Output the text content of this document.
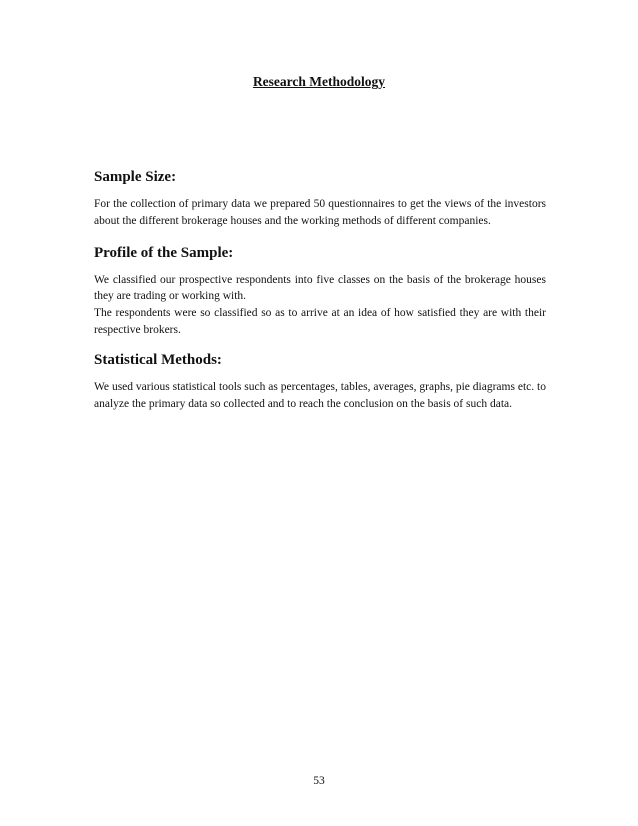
Research Methodology
Sample Size:

For the collection of primary data we prepared 50 questionnaires to get the views of the investors about the different brokerage houses and the working methods of different companies.

Profile of the Sample:

We classified our prospective respondents into five classes on the basis of the brokerage houses they are trading or working with.

The respondents were so classified so as to arrive at an idea of how satisfied they are with their respective brokers.

Statistical Methods:

We used various statistical tools such as percentages, tables, averages, graphs, pie diagrams etc. to analyze the primary data so collected and to reach the conclusion on the basis of such data.

53
